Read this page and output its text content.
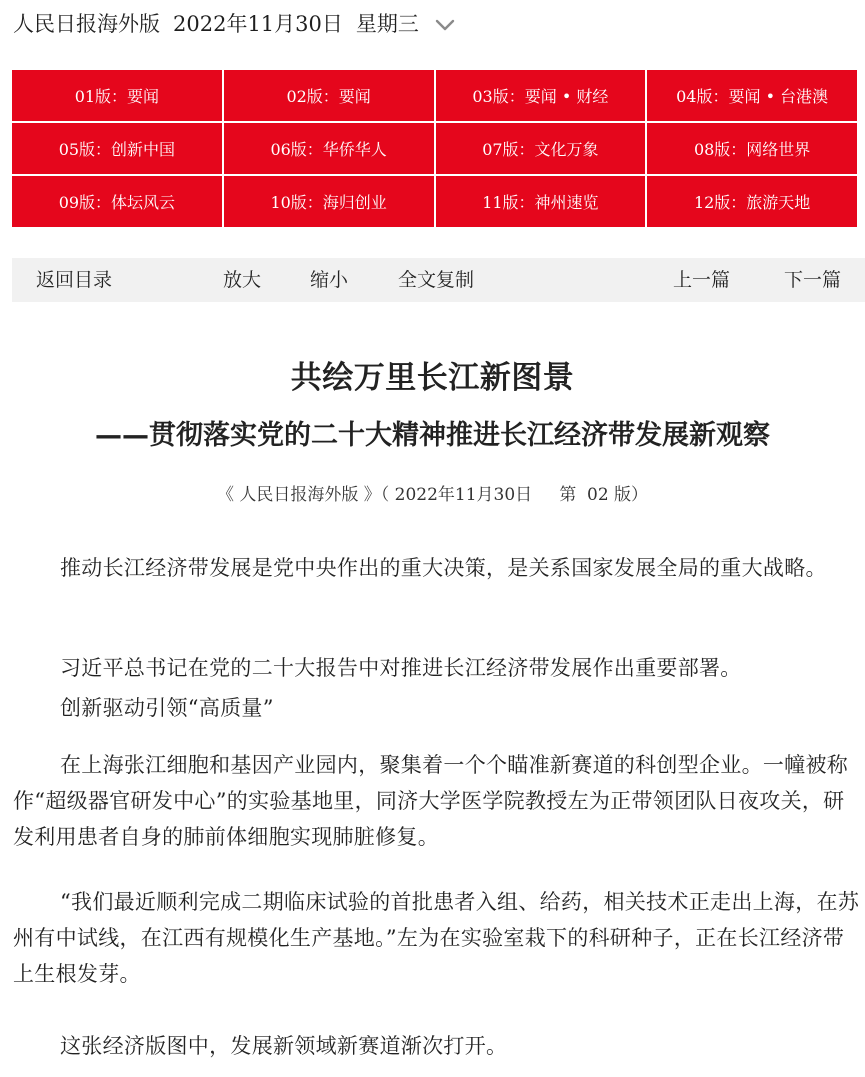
人民日报海外版 2022年11月30日 星期三
01版：要闻	02版：要闻	03版：要闻 • 财经	04版：要闻 • 台港澳
05版：创新中国	06版：华侨华人	07版：文化万象	08版：网络世界
09版：体坛风云	10版：海归创业	11版：神州速览	12版：旅游天地
返回目录	放大	缩小	全文复制	上一篇	下一篇
共绘万里长江新图景
——贯彻落实党的二十大精神推进长江经济带发展新观察
《 人民日报海外版 》（ 2022年11月30日     第  02 版）
推动长江经济带发展是党中央作出的重大决策，是关系国家发展全局的重大战略。
习近平总书记在党的二十大报告中对推进长江经济带发展作出重要部署。
创新驱动引领“高质量”
在上海张江细胞和基因产业园内，聚集着一个个瞄准新赛道的科创型企业。一幢被称作“超级器官研发中心”的实验基地里，同济大学医学院教授左为正带领团队日夜攻关，研发利用患者自身的肺前体细胞实现肺脏修复。
“我们最近顺利完成二期临床试验的首批患者入组、给药，相关技术正走出上海，在苏州有中试线，在江西有规模化生产基地。”左为在实验室栽下的科研种子，正在长江经济带上生根发芽。
这张经济版图中，发展新领域新赛道渐次打开。
